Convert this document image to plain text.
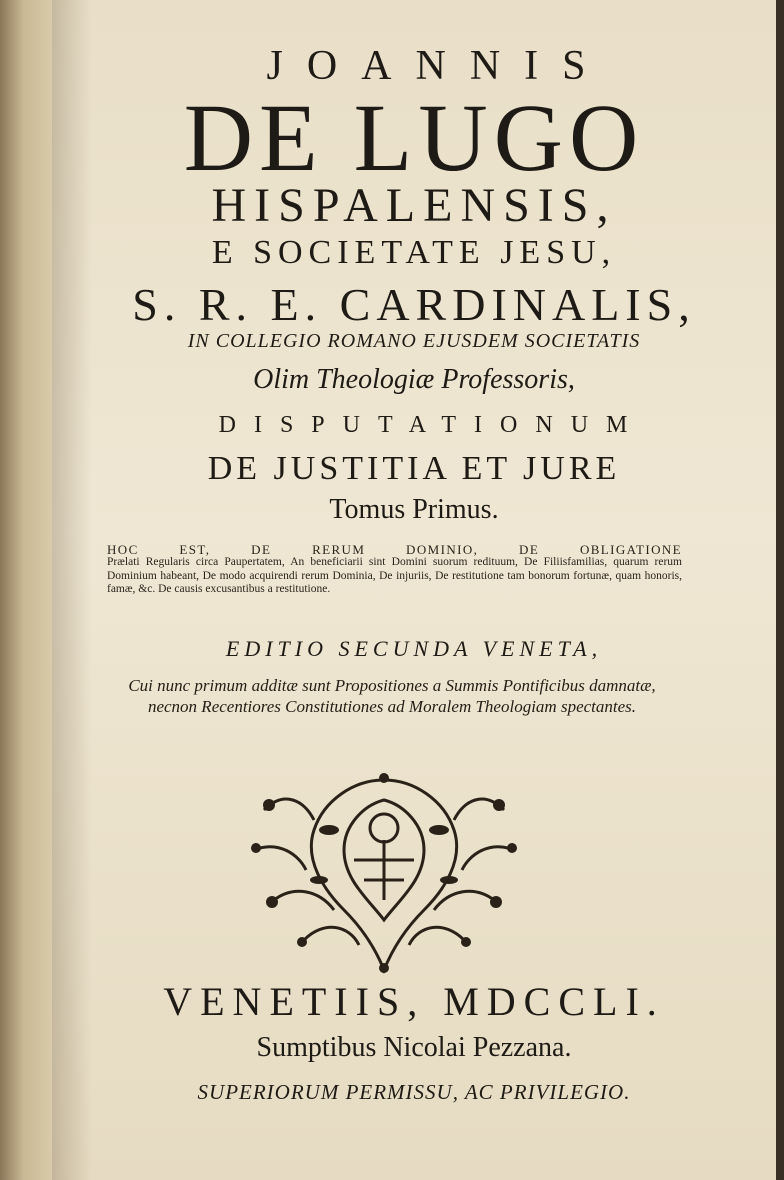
JOANNIS
DE LUGO
HISPALENSIS,
E SOCIETATE JESU,
S. R. E. CARDINALIS,
IN COLLEGIO ROMANO EJUSDEM SOCIETATIS
Olim Theologiæ Professoris,
DISPUTATIONUM
DE JUSTITIA ET JURE
Tomus Primus.
HOC EST, DE RERUM DOMINIO, DE OBLIGATIONE
Prælati Regularis circa Paupertatem, An beneficiarii sint Domini suorum redituum, De Filiisfamilias, quarum rerum Dominium habeant, De modo acquirendi rerum Dominia, De injuriis, De restitutione tam bonorum fortunæ, quam honoris, famæ, &c. De causis excusantibus a restitutione.
EDITIO SECUNDA VENETA,
Cui nunc primum additæ sunt Propositiones a Summis Pontificibus damnatæ, necnon Recentiores Constitutiones ad Moralem Theologiam spectantes.
VENETIIS, MDCCLI.
Sumptibus Nicolai Pezzana.
SUPERIORUM PERMISSU, AC PRIVILEGIO.
